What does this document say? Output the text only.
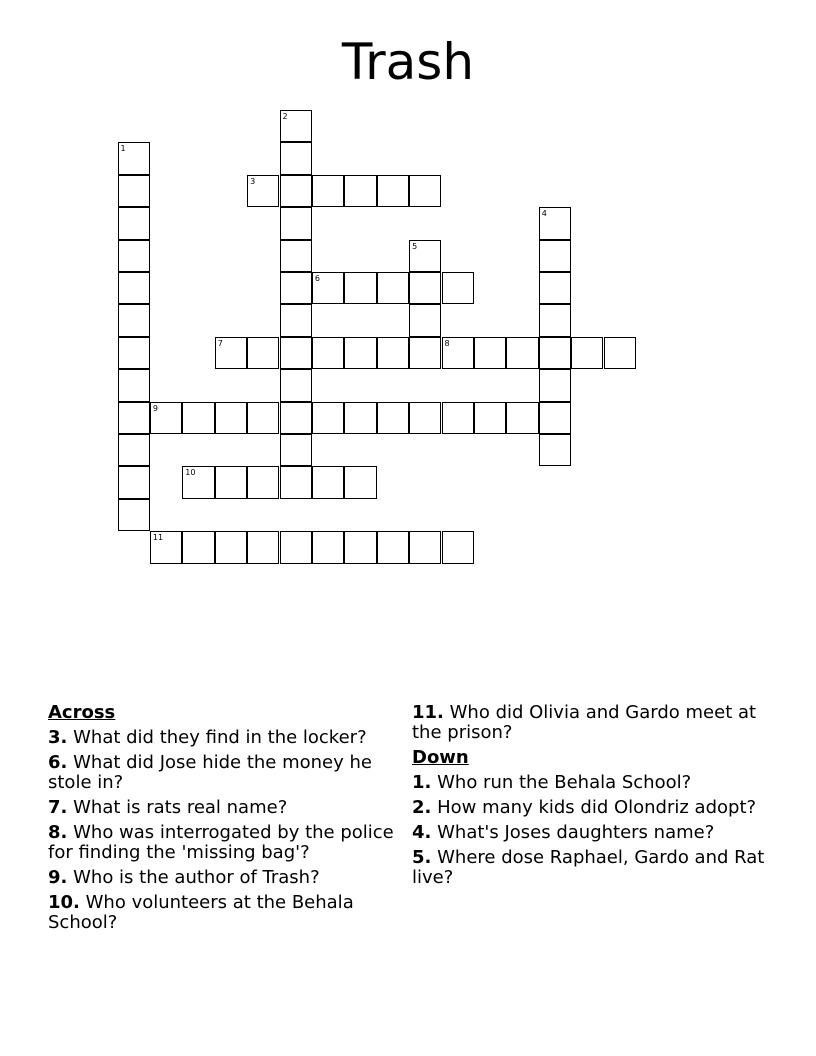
Trash
1
2
4
5
3
6
7	8
9
10
11
Across
3. What did they find in the locker?
6. What did Jose hide the money he stole in?
7. What is rats real name?
8. Who was interrogated by the police for finding the 'missing bag'?
9. Who is the author of Trash?
10. Who volunteers at the Behala School?
11. Who did Olivia and Gardo meet at the prison?
Down
1. Who run the Behala School?
2. How many kids did Olondriz adopt?
4. What's Joses daughters name?
5. Where dose Raphael, Gardo and Rat live?
